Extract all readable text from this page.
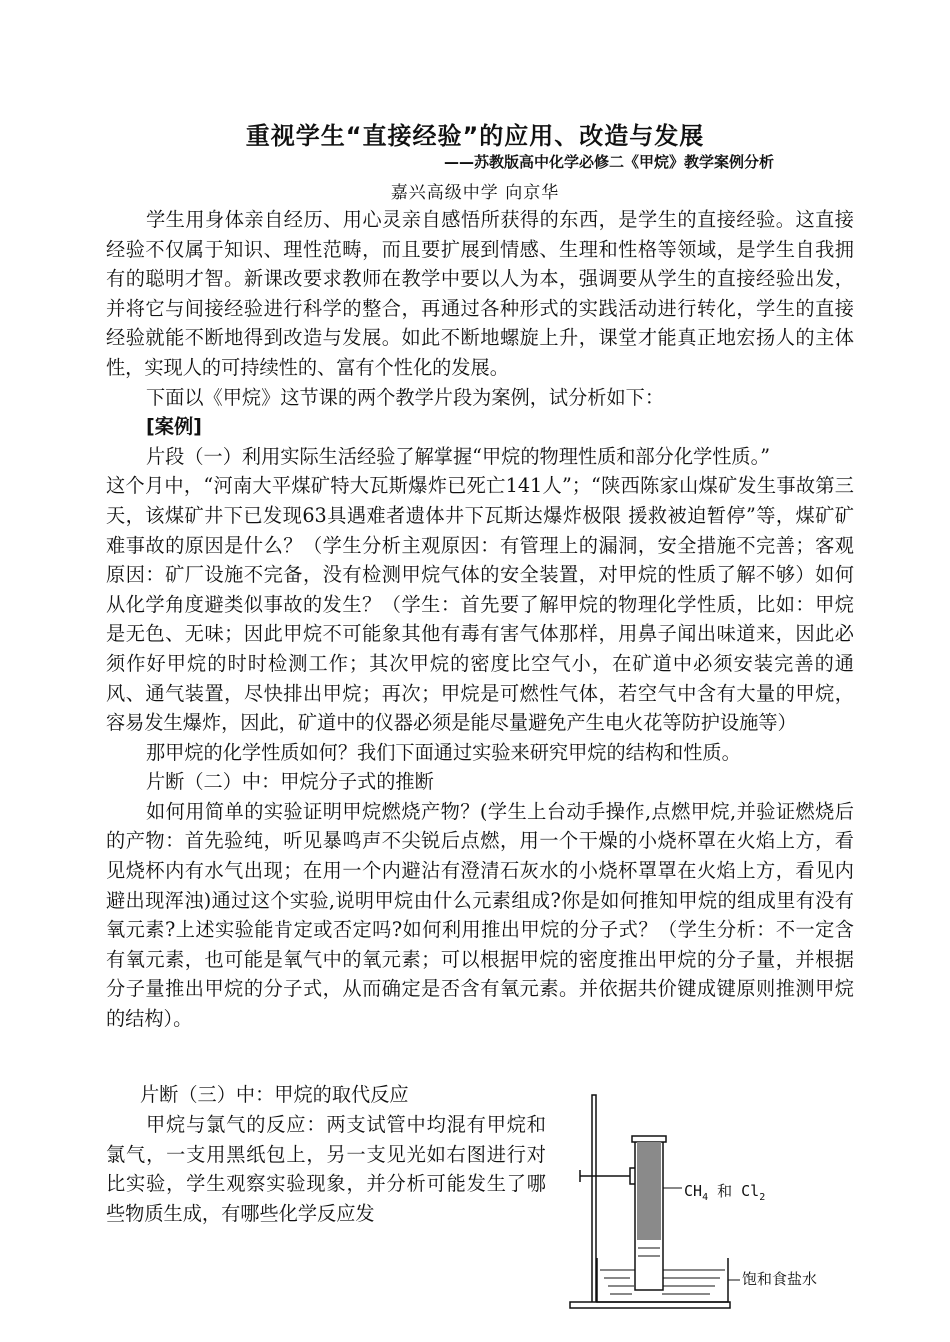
重视学生“直接经验”的应用、改造与发展
——苏教版高中化学必修二《甲烷》教学案例分析
嘉兴高级中学 向京华

学生用身体亲自经历、用心灵亲自感悟所获得的东西，是学生的直接经验。这直接经验不仅属于知识、理性范畴，而且要扩展到情感、生理和性格等领域，是学生自我拥有的聪明才智。新课改要求教师在教学中要以人为本，强调要从学生的直接经验出发，并将它与间接经验进行科学的整合，再通过各种形式的实践活动进行转化，学生的直接经验就能不断地得到改造与发展。如此不断地螺旋上升，课堂才能真正地宏扬人的主体性，实现人的可持续性的、富有个性化的发展。

下面以《甲烷》这节课的两个教学片段为案例，试分析如下：

[案例]

片段（一）利用实际生活经验了解掌握“甲烷的物理性质和部分化学性质。”

这个月中，“河南大平煤矿特大瓦斯爆炸已死亡141人”；“陕西陈家山煤矿发生事故第三天，该煤矿井下已发现63具遇难者遗体井下瓦斯达爆炸极限 援救被迫暂停”等，煤矿矿难事故的原因是什么？（学生分析主观原因：有管理上的漏洞，安全措施不完善；客观原因：矿厂设施不完备，没有检测甲烷气体的安全装置，对甲烷的性质了解不够）如何从化学角度避类似事故的发生？（学生：首先要了解甲烷的物理化学性质，比如：甲烷是无色、无味；因此甲烷不可能象其他有毒有害气体那样，用鼻子闻出味道来，因此必须作好甲烷的时时检测工作；其次甲烷的密度比空气小，在矿道中必须安装完善的通风、通气装置，尽快排出甲烷；再次；甲烷是可燃性气体，若空气中含有大量的甲烷，容易发生爆炸，因此，矿道中的仪器必须是能尽量避免产生电火花等防护设施等）

那甲烷的化学性质如何？我们下面通过实验来研究甲烷的结构和性质。

片断（二）中：甲烷分子式的推断

如何用简单的实验证明甲烷燃烧产物？(学生上台动手操作,点燃甲烷,并验证燃烧后的产物：首先验纯，听见暴鸣声不尖锐后点燃，用一个干燥的小烧杯罩在火焰上方，看见烧杯内有水气出现；在用一个内避沾有澄清石灰水的小烧杯罩罩在火焰上方，看见内避出现浑浊)通过这个实验,说明甲烷由什么元素组成?你是如何推知甲烷的组成里有没有氧元素?上述实验能肯定或否定吗?如何利用推出甲烷的分子式？（学生分析：不一定含有氧元素，也可能是氧气中的氧元素；可以根据甲烷的密度推出甲烷的分子量，并根据分子量推出甲烷的分子式，从而确定是否含有氧元素。并依据共价键成键原则推测甲烷的结构）。

片断（三）中：甲烷的取代反应

甲烷与氯气的反应：两支试管中均混有甲烷和氯气，一支用黑纸包上，另一支见光如右图进行对比实验，学生观察实验现象，并分析可能发生了哪些物质生成，有哪些化学反应发

$CH_4$ 和 $Cl_2$
饱和食盐水
